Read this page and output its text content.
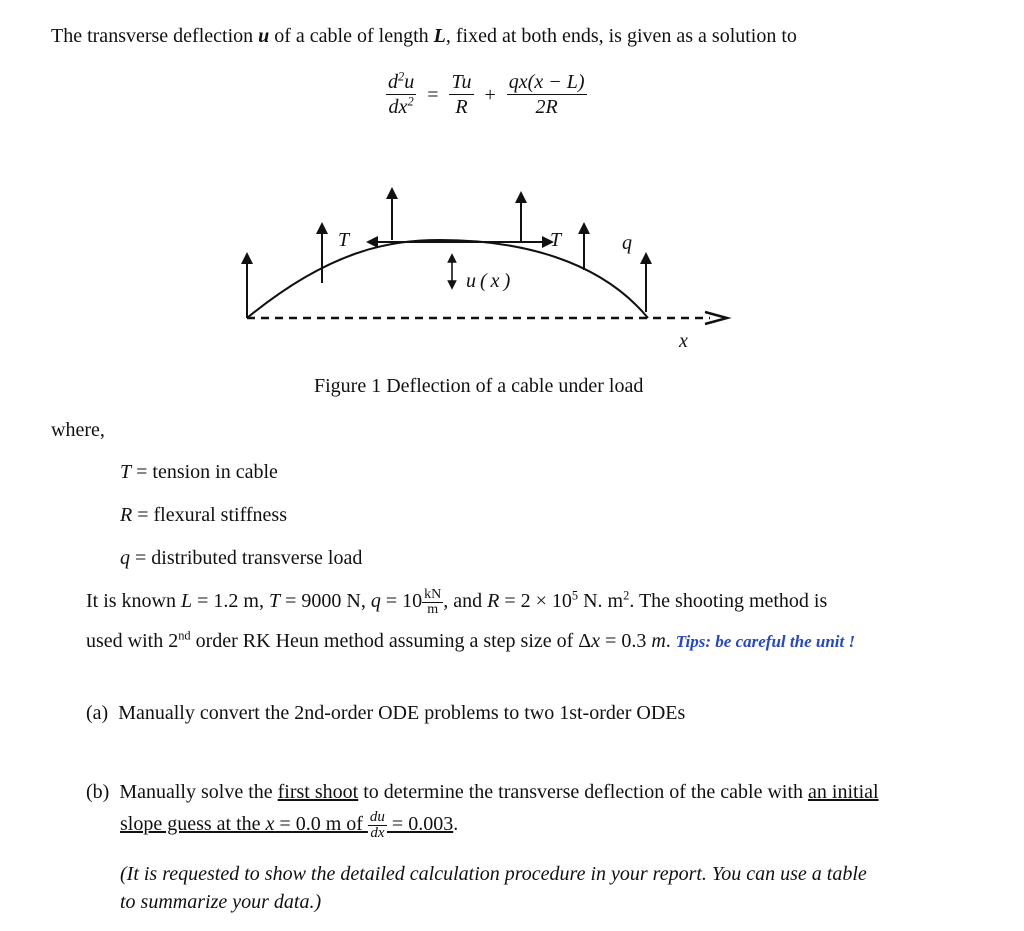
The transverse deflection u of a cable of length L, fixed at both ends, is given as a solution to
$\frac{d^2u}{dx^2} = \frac{Tu}{R} + \frac{qx(x - L)}{2R}$
T	T	q
u ( x )
x
Figure 1 Deflection of a cable under load
where,
T = tension in cable
R = flexural stiffness
q = distributed transverse load
It is known L = 1.2 m, T = 9000 N, $q = 10 \frac{kN}{m}$ , and $R = 2 \times 10^5$ N. $m^2$. The shooting method is
used with 2nd order RK Heun method assuming a step size of Δx = 0.3 m. Tips: be careful the unit !
(a) Manually convert the 2nd-order ODE problems to two 1st-order ODEs
(b) Manually solve the first shoot to determine the transverse deflection of the cable with an initial
slope guess at the x = 0.0 m of $\frac{du}{dx} = 0.003$.
(It is requested to show the detailed calculation procedure in your report. You can use a table
to summarize your data.)
